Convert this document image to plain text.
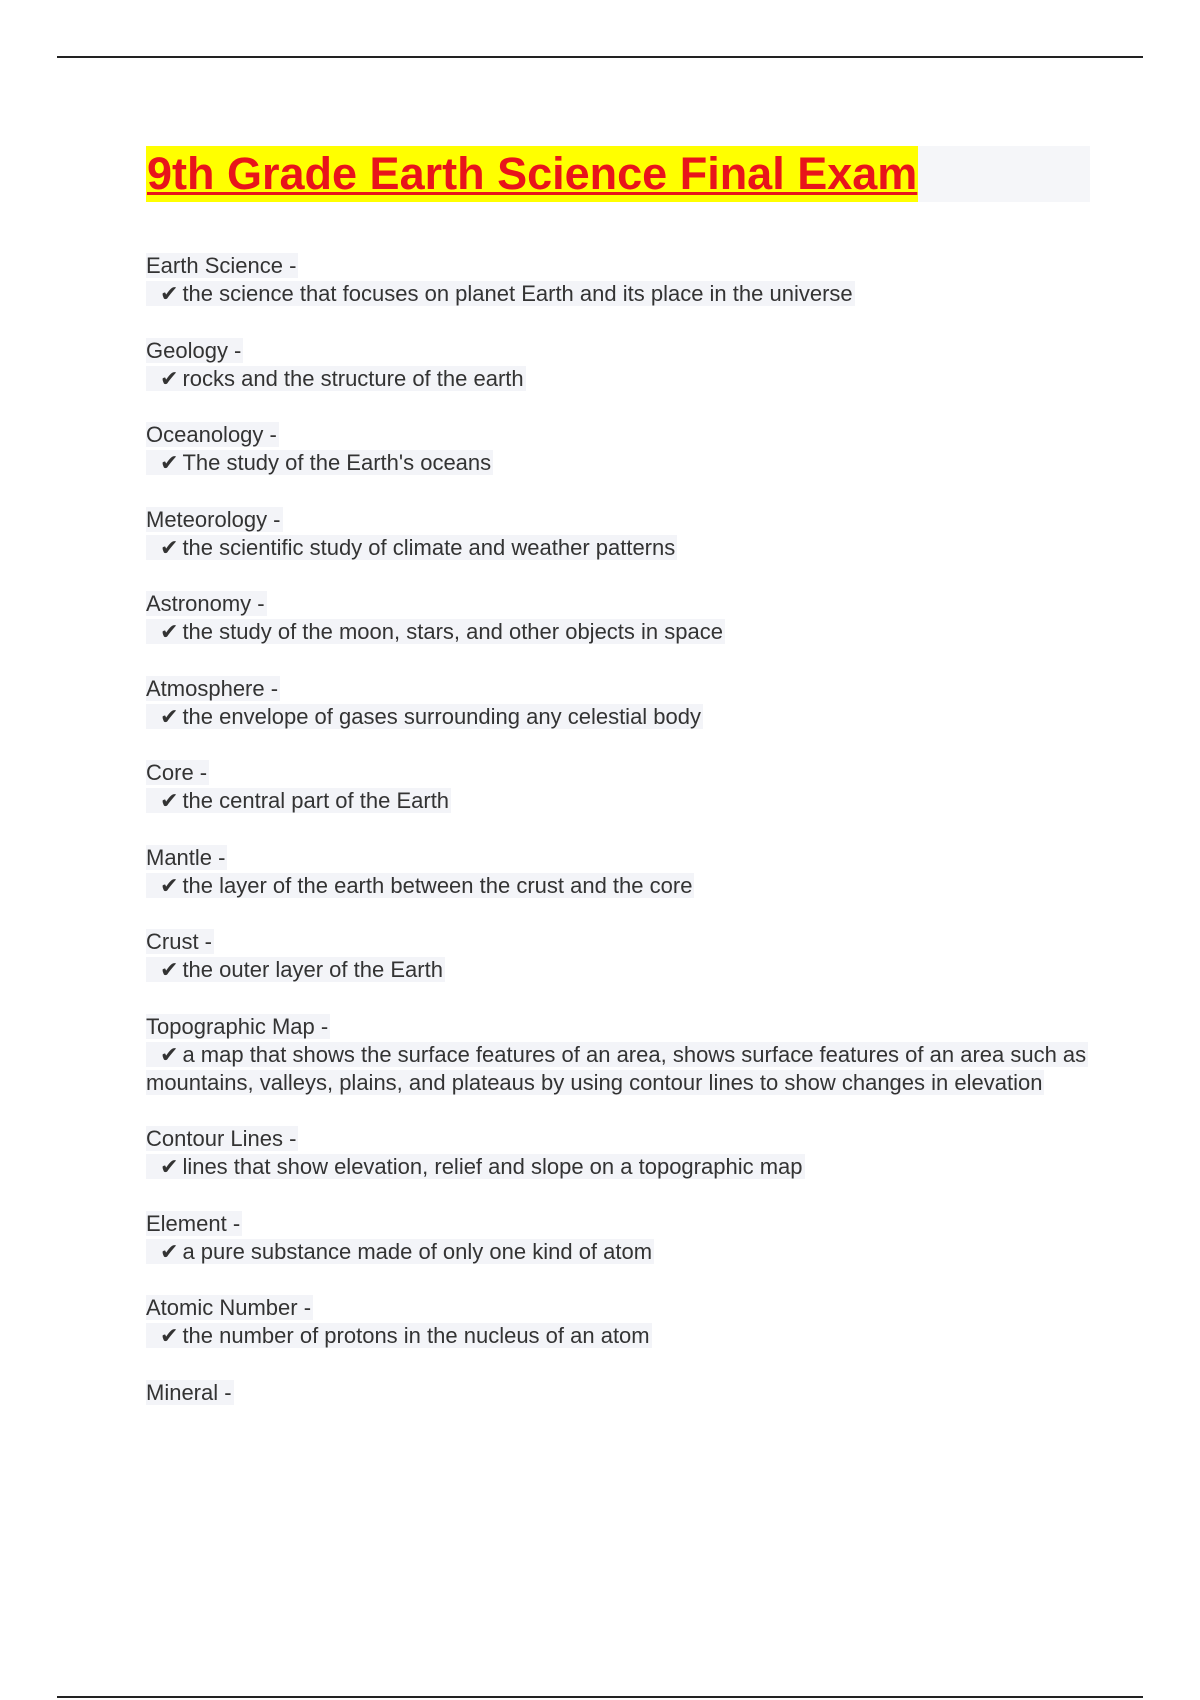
9th Grade Earth Science Final Exam
Earth Science -
✔ the science that focuses on planet Earth and its place in the universe
Geology -
✔ rocks and the structure of the earth
Oceanology -
✔ The study of the Earth's oceans
Meteorology -
✔ the scientific study of climate and weather patterns
Astronomy -
✔ the study of the moon, stars, and other objects in space
Atmosphere -
✔ the envelope of gases surrounding any celestial body
Core -
✔ the central part of the Earth
Mantle -
✔ the layer of the earth between the crust and the core
Crust -
✔ the outer layer of the Earth
Topographic Map -
✔ a map that shows the surface features of an area, shows surface features of an area such as mountains, valleys, plains, and plateaus by using contour lines to show changes in elevation
Contour Lines -
✔ lines that show elevation, relief and slope on a topographic map
Element -
✔ a pure substance made of only one kind of atom
Atomic Number -
✔ the number of protons in the nucleus of an atom
Mineral -
